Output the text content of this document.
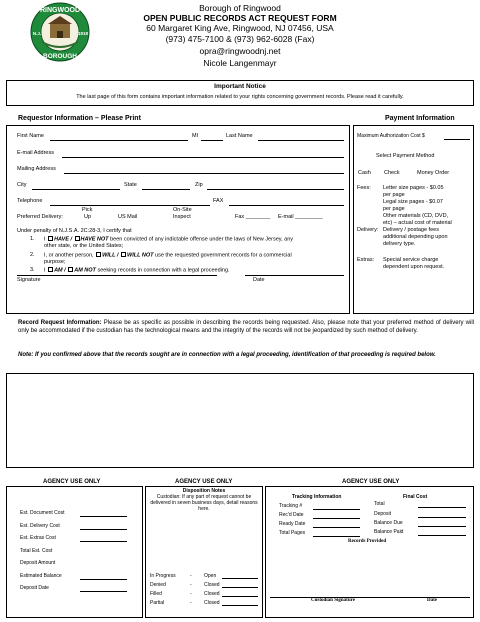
RINGWOOD
BOROUGH
N.J.	1918
Borough of Ringwood
OPEN PUBLIC RECORDS ACT REQUEST FORM
60 Margaret King Ave, Ringwood, NJ 07456, USA
(973) 475-7100 & (973) 962-6028 (Fax)
opra@ringwoodnj.net
Nicole Langenmayr
Important Notice
The last page of this form contains important information related to your rights concerning government records. Please read it carefully.
Requestor Information – Please Print	Payment Information
First Name	MI	Last Name
E-mail Address
Mailing Address
City	State	Zip
Telephone	FAX
Pick	On-Site
Preferred Delivery:	Up	US Mail	Inspect	Fax ________ E-mail _________
Under penalty of N.J.S.A. 2C:28-3, I certify that
1. I HAVE / HAVE NOT been convicted of any indictable offense under the laws of New Jersey, any
other state, or the United States;
2. I, or another person, WILL / WILL NOT use the requested government records for a commercial
purpose;
3. I AM / AM NOT seeking records in connection with a legal proceeding.
Signature	Date
Maximum Authorization Cost $
Select Payment Method
Cash Check	Money Order
Fees: Letter size pages - $0.05
per page
Legal size pages - $0.07
per page
Other materials (CD, DVD,
etc) – actual cost of material
Delivery: Delivery / postage fees
additional depending upon
delivery type.
Extras: Special service charge
dependent upon request.
Record Request Information: Please be as specific as possible in describing the records being requested. Also, please note that your preferred method of delivery will only be accommodated if the custodian has the technological means and the integrity of the records will not be jeopardized by such method of delivery.
Note: If you confirmed above that the records sought are in connection with a legal proceeding, identification of that proceeding is required below.
AGENCY USE ONLY	AGENCY USE ONLY	AGENCY USE ONLY
Est. Document Cost
Est. Delivery Cost
Est. Extras Cost
Total Est. Cost
Deposit Amount
Estimated Balance
Deposit Date
Disposition Notes
Custodian: If any part of request cannot be delivered in seven business days, detail reasons here.
In Progress	- Open
Denied	- Closed
Filled	- Closed
Partial	- Closed
Tracking Information	Final Cost
Tracking #
Rec'd Date
Ready Date
Total Pages
Total
Deposit
Balance Due
Balance Paid
Records Provided
Custodian Signature	Date
